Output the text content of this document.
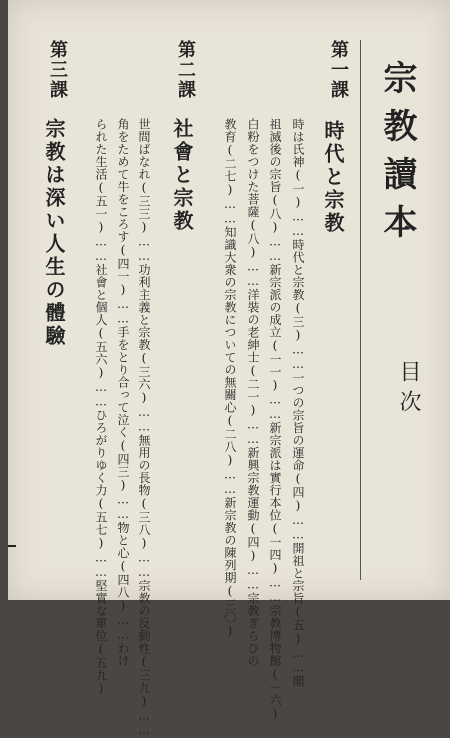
宗教讀本
目次
第一課
時代と宗教
時は氏神(一)……時代と宗教(三)……一つの宗旨の運命(四)……開祖と宗旨(五)……開
祖滅後の宗旨(八)……新宗派の成立(一一)……新宗派は實行本位(一四)……宗教博物館(一六)
白粉をつけた菩薩(八)……洋裝の老紳士(二一)……新興宗教運動(四)……宗教ぎらひの
教育(二七)……知識大衆の宗教についての無關心(二八)……新宗教の陳列期(三〇)
第二課
社會と宗教
世間ばなれ(三三)……功利主義と宗教(三六)……無用の長物(三八)……宗教の反動性(三九)……
角をためて牛をころす(四一)……手をとり合って泣く(四三)……物と心(四八)……わけ
られた生活(五一)……社會と個人(五六)……ひろがりゆく力(五七)……堅實な單位(五九)
第三課
宗教は深い人生の體驗
